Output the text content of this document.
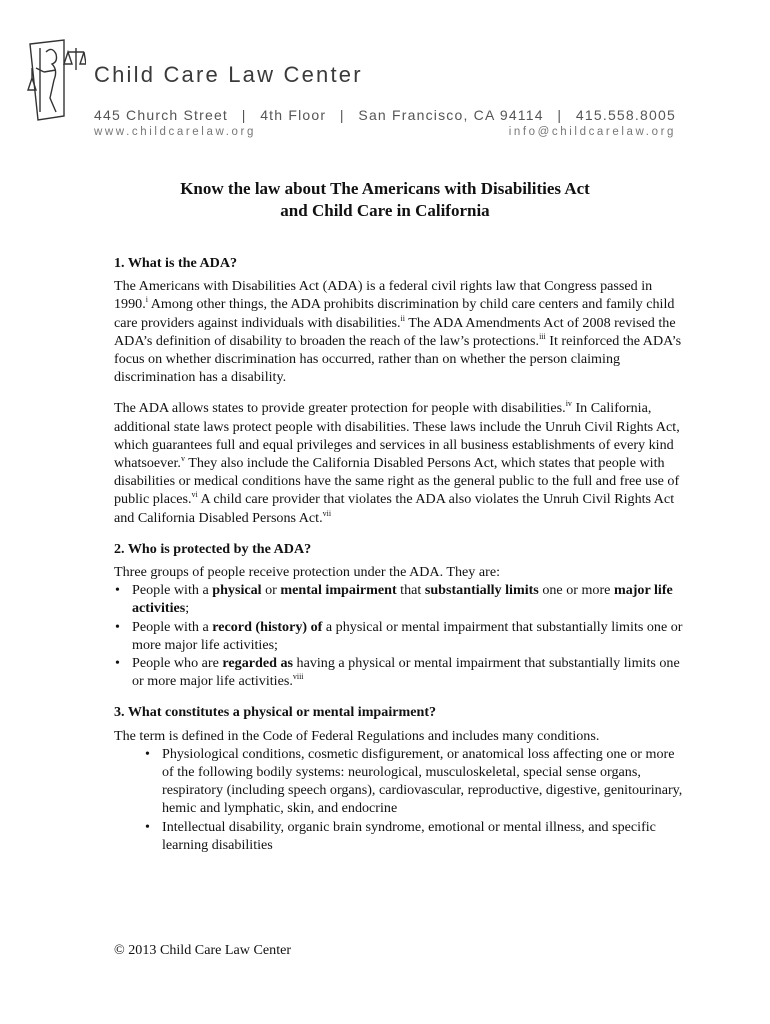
Child Care Law Center
445 Church Street | 4th Floor | San Francisco, CA 94114 | 415.558.8005
www.childcarelaw.org	info@childcarelaw.org
Know the law about The Americans with Disabilities Act
and Child Care in California
1. What is the ADA?

The Americans with Disabilities Act (ADA) is a federal civil rights law that Congress passed in 1990.$^i$ Among other things, the ADA prohibits discrimination by child care centers and family child care providers against individuals with disabilities.$^{ii}$ The ADA Amendments Act of 2008 revised the ADA’s definition of disability to broaden the reach of the law’s protections.$^{iii}$ It reinforced the ADA’s focus on whether discrimination has occurred, rather than on whether the person claiming discrimination has a disability.

The ADA allows states to provide greater protection for people with disabilities.$^{iv}$ In California, additional state laws protect people with disabilities. These laws include the Unruh Civil Rights Act, which guarantees full and equal privileges and services in all business establishments of every kind whatsoever.$^v$ They also include the California Disabled Persons Act, which states that people with disabilities or medical conditions have the same right as the general public to the full and free use of public places.$^{vi}$ A child care provider that violates the ADA also violates the Unruh Civil Rights Act and California Disabled Persons Act.$^{vii}$

2. Who is protected by the ADA?
Three groups of people receive protection under the ADA. They are:
• People with a physical or mental impairment that substantially limits one or more major life activities;
• People with a record (history) of a physical or mental impairment that substantially limits one or more major life activities;
• People who are regarded as having a physical or mental impairment that substantially limits one or more major life activities.$^{viii}$
3. What constitutes a physical or mental impairment?
The term is defined in the Code of Federal Regulations and includes many conditions.
• Physiological conditions, cosmetic disfigurement, or anatomical loss affecting one or more of the following bodily systems: neurological, musculoskeletal, special sense organs, respiratory (including speech organs), cardiovascular, reproductive, digestive, genitourinary, hemic and lymphatic, skin, and endocrine
• Intellectual disability, organic brain syndrome, emotional or mental illness, and specific learning disabilities
© 2013 Child Care Law Center
